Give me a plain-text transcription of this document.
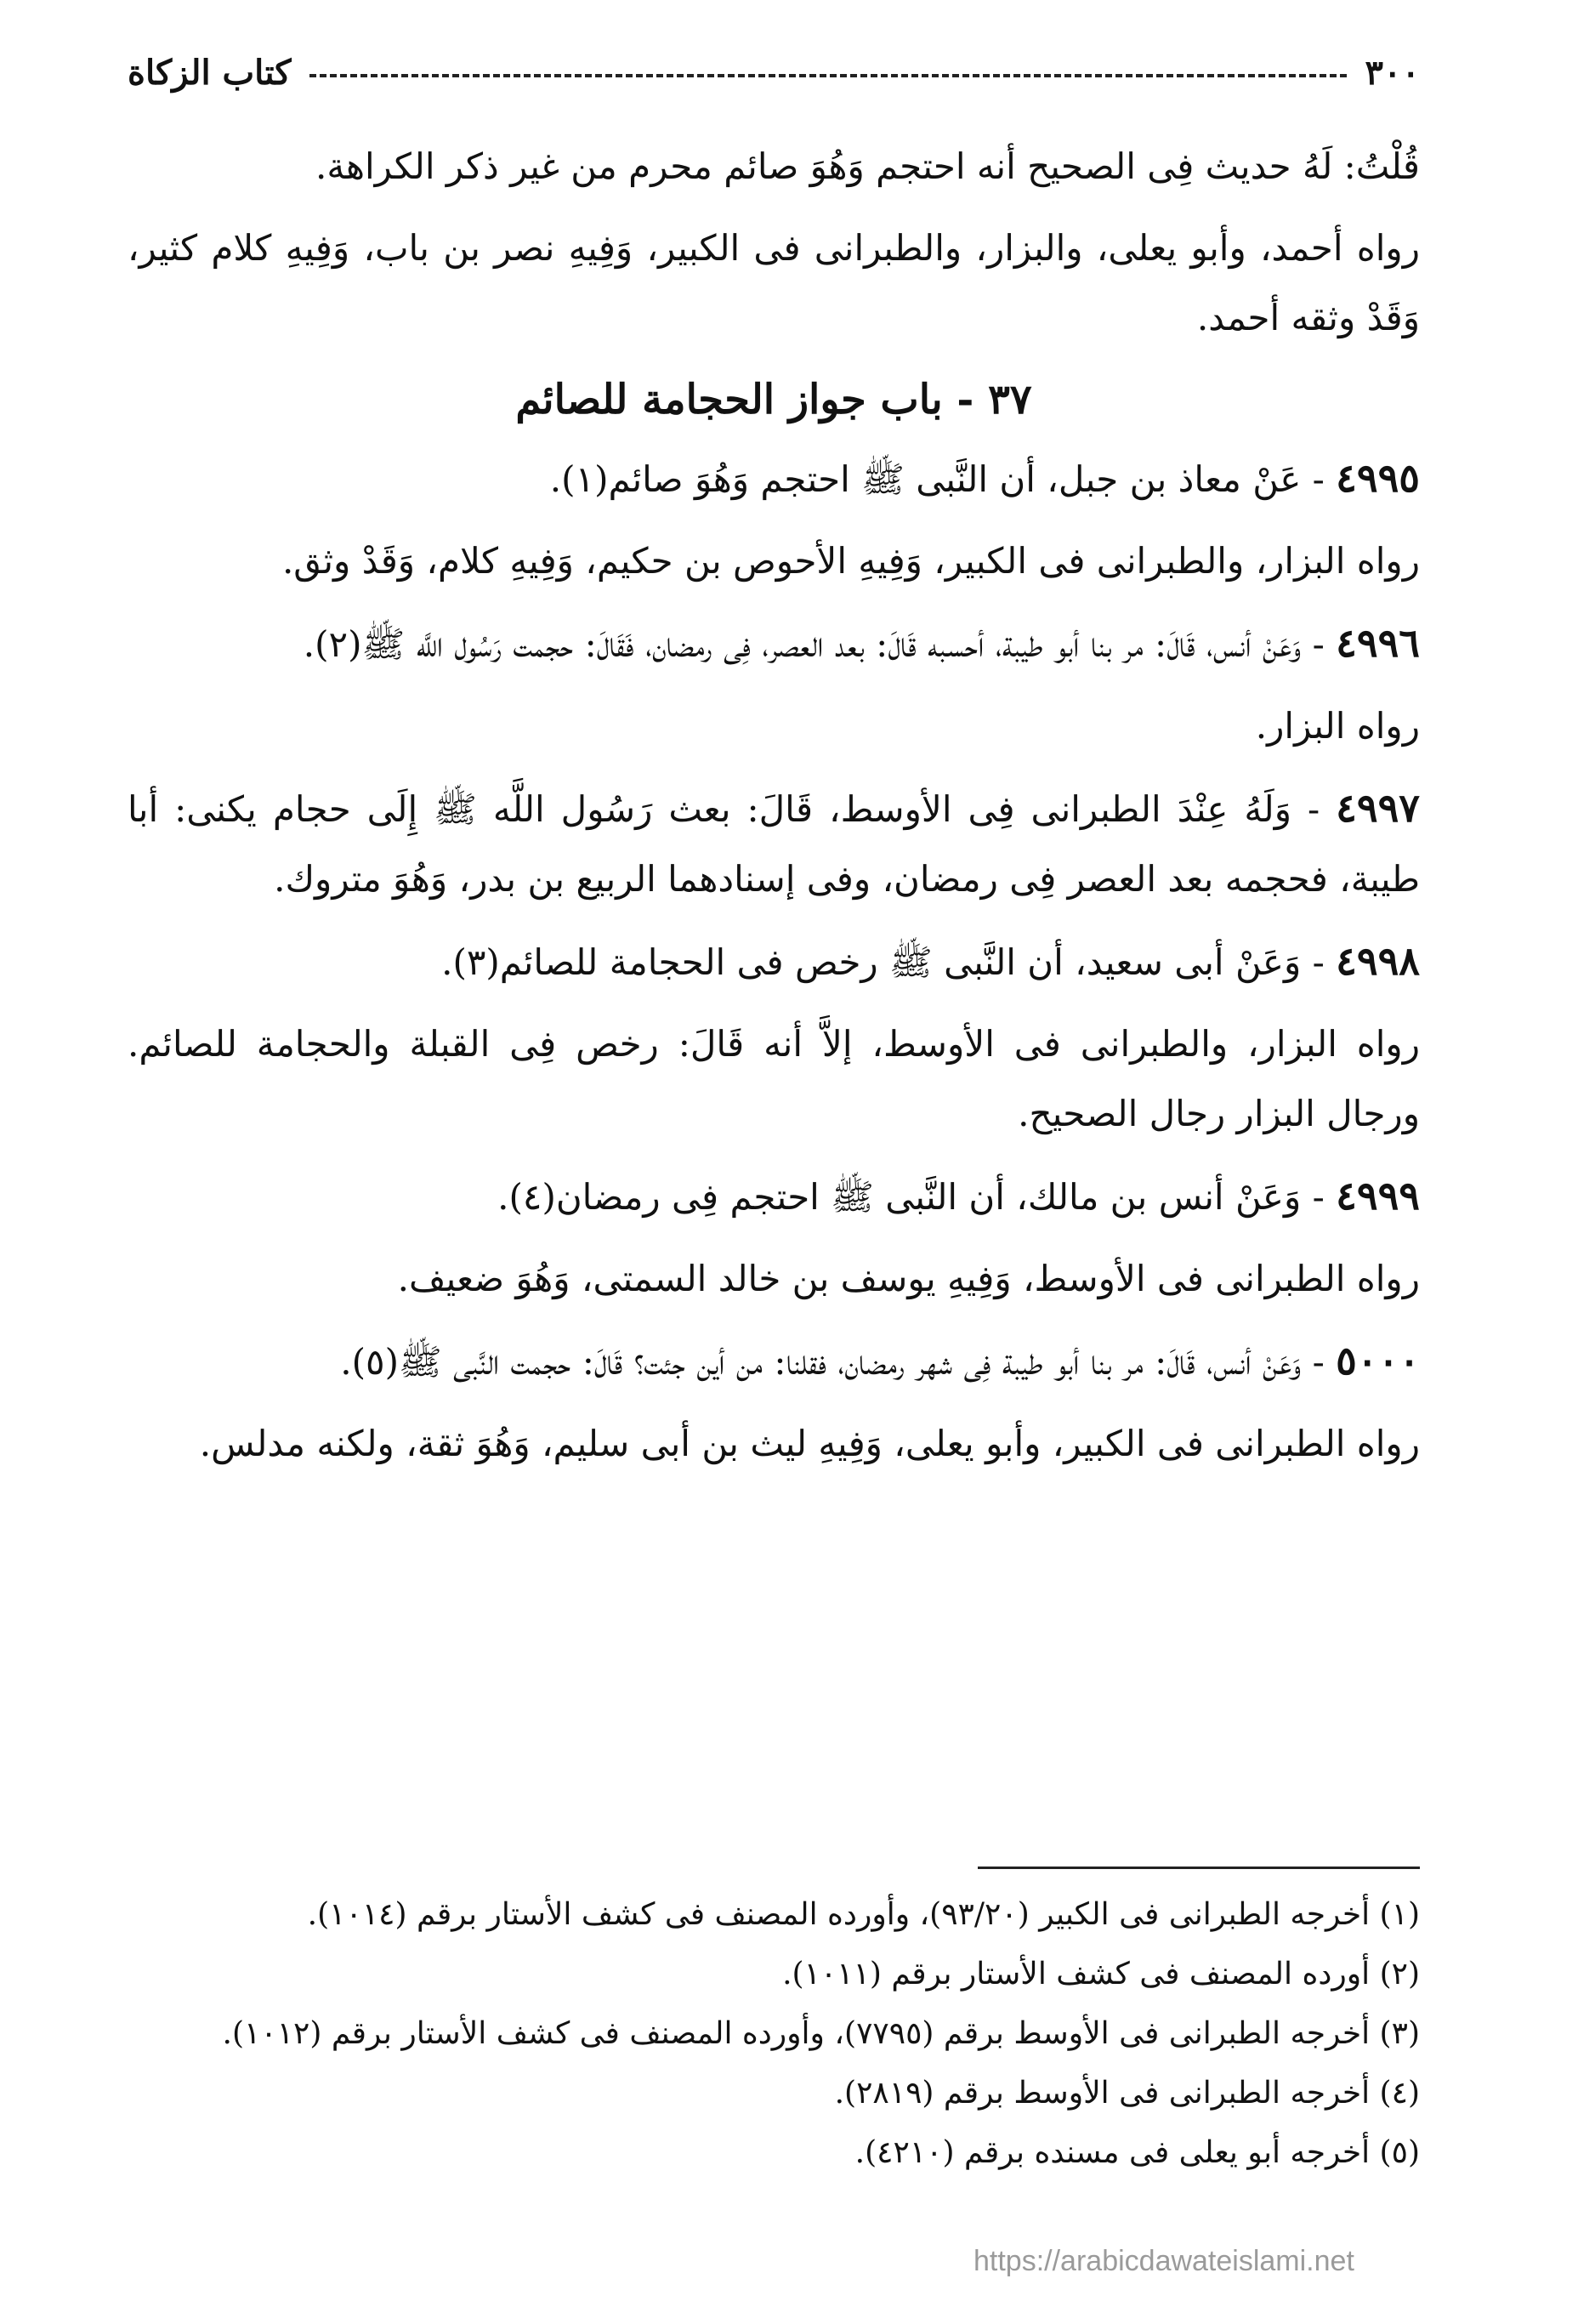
٣٠٠
كتاب الزكاة

قُلْتُ: لَهُ حديث فِى الصحيح أنه احتجم وَهُوَ صائم محرم من غير ذكر الكراهة.

رواه أحمد، وأبو يعلى، والبزار، والطبرانى فى الكبير، وَفِيهِ نصر بن باب، وَفِيهِ كلام كثير، وَقَدْ وثقه أحمد.

٣٧ - باب جواز الحجامة للصائم

٤٩٩٥ - عَنْ معاذ بن جبل، أن النَّبى ﷺ احتجم وَهُوَ صائم(١).

رواه البزار، والطبرانى فى الكبير، وَفِيهِ الأحوص بن حكيم، وَفِيهِ كلام، وَقَدْ وثق.

٤٩٩٦ - وَعَنْ أنس، قَالَ: مر بنا أبو طيبة، أحسبه قَالَ: بعد العصر، فِى رمضان، فَقَالَ: حجمت رَسُول اللَّه ﷺ(٢).

رواه البزار.

٤٩٩٧ - وَلَهُ عِنْدَ الطبرانى فِى الأوسط، قَالَ: بعث رَسُول اللَّه ﷺ إِلَى حجام يكنى: أبا طيبة، فحجمه بعد العصر فِى رمضان، وفى إسنادهما الربيع بن بدر، وَهُوَ متروك.

٤٩٩٨ - وَعَنْ أبى سعيد، أن النَّبى ﷺ رخص فى الحجامة للصائم(٣).

رواه البزار، والطبرانى فى الأوسط، إلاَّ أنه قَالَ: رخص فِى القبلة والحجامة للصائم. ورجال البزار رجال الصحيح.

٤٩٩٩ - وَعَنْ أنس بن مالك، أن النَّبى ﷺ احتجم فِى رمضان(٤).

رواه الطبرانى فى الأوسط، وَفِيهِ يوسف بن خالد السمتى، وَهُوَ ضعيف.

٥٠٠٠ - وَعَنْ أنس، قَالَ: مر بنا أبو طيبة فِى شهر رمضان، فقلنا: من أين جئت؟ قَالَ: حجمت النَّبى ﷺ(٥).

رواه الطبرانى فى الكبير، وأبو يعلى، وَفِيهِ ليث بن أبى سليم، وَهُوَ ثقة، ولكنه مدلس.

(١) أخرجه الطبرانى فى الكبير (٩٣/٢٠)، وأورده المصنف فى كشف الأستار برقم (١٠١٤).

(٢) أورده المصنف فى كشف الأستار برقم (١٠١١).

(٣) أخرجه الطبرانى فى الأوسط برقم (٧٧٩٥)، وأورده المصنف فى كشف الأستار برقم (١٠١٢).

(٤) أخرجه الطبرانى فى الأوسط برقم (٢٨١٩).

(٥) أخرجه أبو يعلى فى مسنده برقم (٤٢١٠).

https://arabicdawateislami.net
